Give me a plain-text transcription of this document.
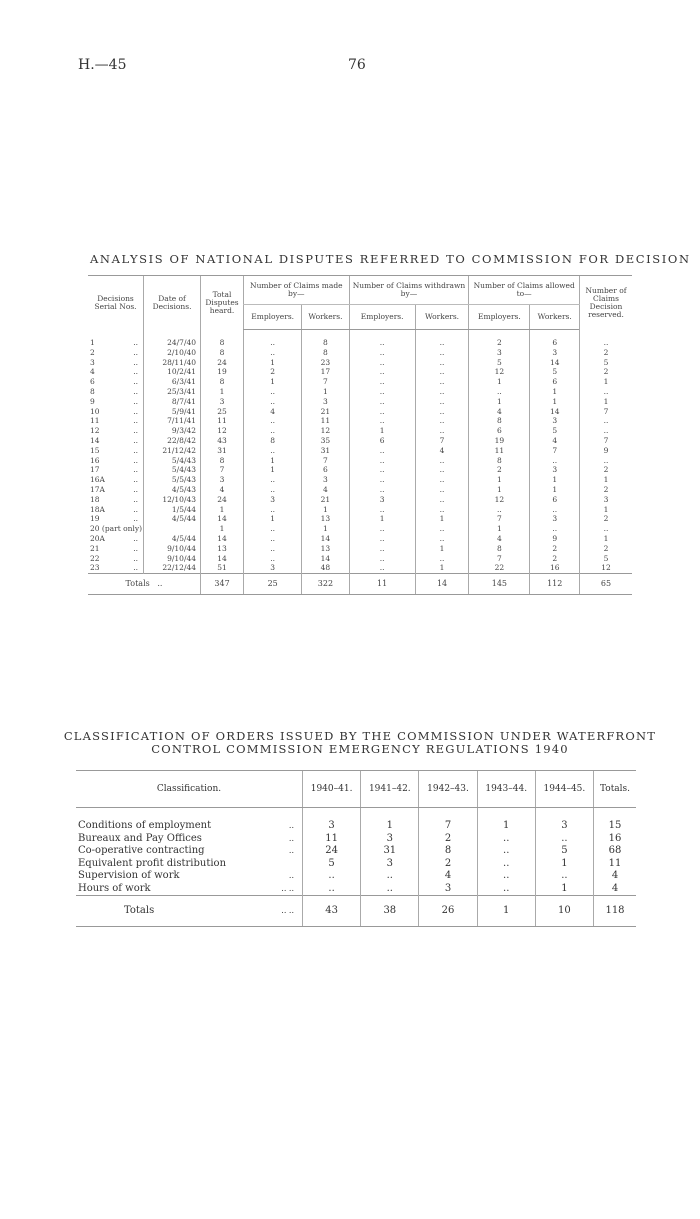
H.—45	76
ANALYSIS OF NATIONAL DISPUTES REFERRED TO COMMISSION FOR DECISION
Decisions Serial Nos.	Date of Decisions.	Total Disputes heard.	Number of Claims made by—		Number of Claims withdrawn by—		Number of Claims allowed to—		Number of Claims Decision reserved.
			Employers.	Workers.	Employers.	Workers.	Employers.	Workers.	

..
1	24/7/40	8	..	8	..	..	2	6	..

..
2	2/10/40	8	..	8	..	..	3	3	2

..
3	28/11/40	24	1	23	..	..	5	14	5

..
4	10/2/41	19	2	17	..	..	12	5	2

..
6	6/3/41	8	1	7	..	..	1	6	1

..
8	25/3/41	1	..	1	..	..	..	1	..

..
9	8/7/41	3	..	3	..	..	1	1	1

..
10	5/9/41	25	4	21	..	..	4	14	7

..
11	7/11/41	11	..	11	..	..	8	3	..

..
12	9/3/42	12	..	12	1	..	6	5	..

..
14	22/8/42	43	8	35	6	7	19	4	7

..
15	21/12/42	31	..	31	..	4	11	7	9

..
16	5/4/43	8	1	7	..	..	8	..	..

..
17	5/4/43	7	1	6	..	..	2	3	2

..
16A	5/5/43	3	..	3	..	..	1	1	1

..
17A	4/5/43	4	..	4	..	..	1	1	2

..
18	12/10/43	24	3	21	3	..	12	6	3

..
18A	1/5/44	1	..	1	..	..	..	..	1

..
19	4/5/44	14	1	13	1	1	7	3	2

20 (part only)		1	..	1	..	..	1	..	..

..
20A	4/5/44	14	..	14	..	..	4	9	1

..
21	9/10/44	13	..	13	..	1	8	2	2

..
22	9/10/44	14	..	14	..	..	7	2	5

..
23	22/12/44	51	3	48	..	1	22	16	12
Totals ..		347	25	322	11	14	145	112	65
CLASSIFICATION OF ORDERS ISSUED BY THE COMMISSION UNDER WATERFRONT
CONTROL COMMISSION EMERGENCY REGULATIONS 1940
Classification.	1940–41.	1941–42.	1942–43.	1943–44.	1944–45.	Totals.

..
Conditions of employment	3	1	7	1	3	15

..
Bureaux and Pay Offices	11	3	2	..	..	16

..
Co-operative contracting	24	31	8	..	5	68

Equivalent profit distribution	5	3	2	..	1	11

..
Supervision of work	..	..	4	..	..	4

.. ..
Hours of work	..	..	3	..	1	4
Totals .. ..	43	38	26	1	10	118
